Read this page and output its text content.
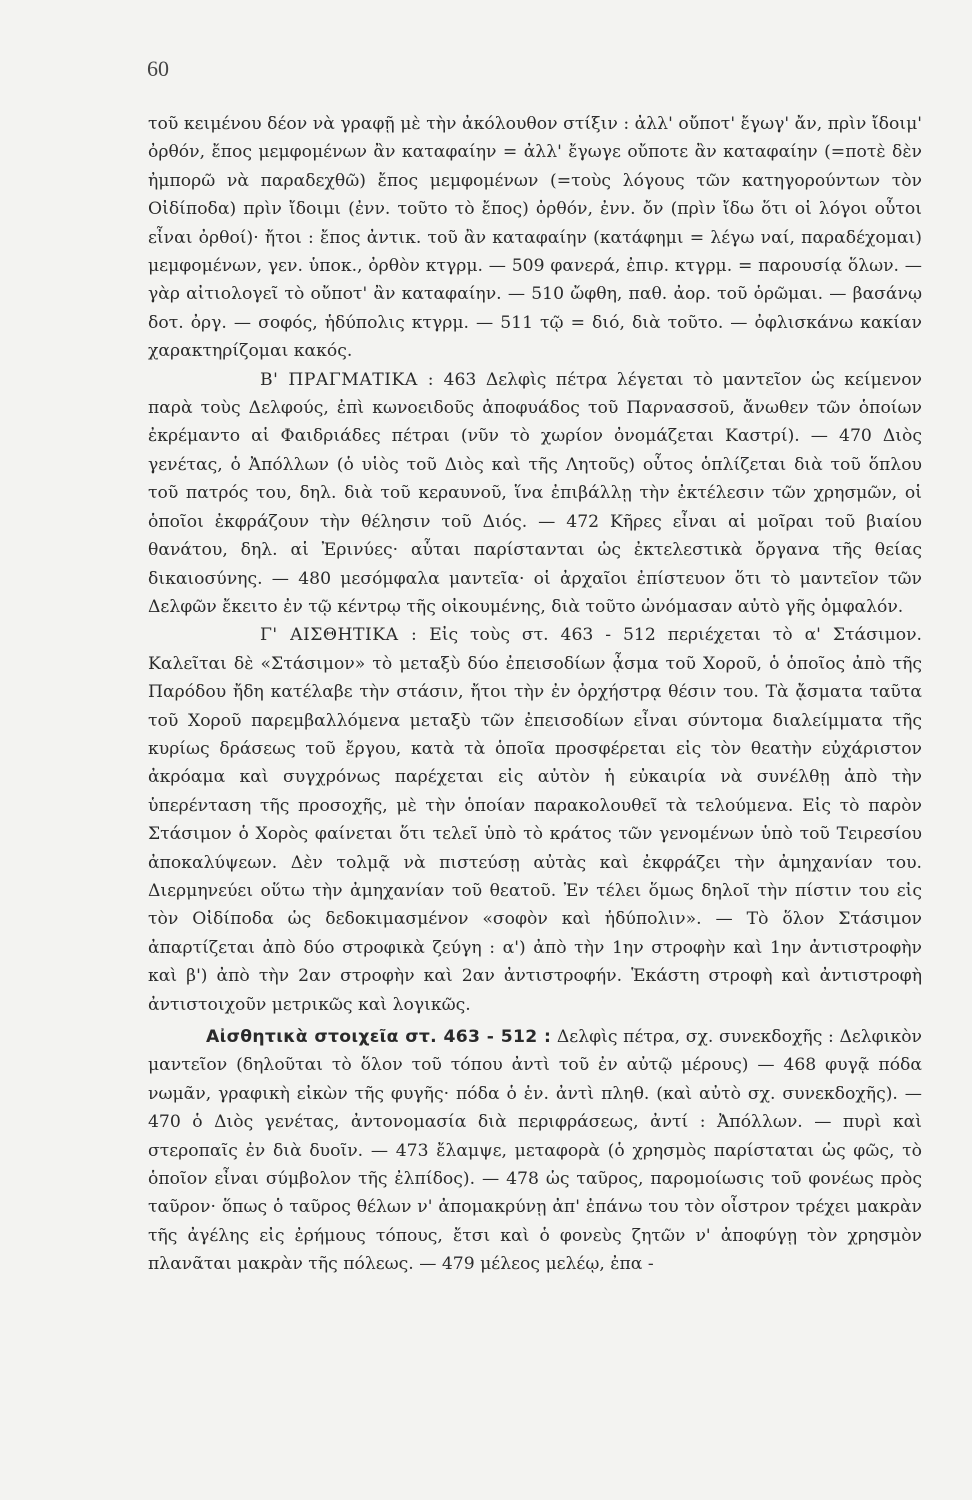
60

τοῦ κειμένου δέον νὰ γραφῇ μὲ τὴν ἀκόλουθον στίξιν : ἀλλ' οὔποτ' ἔγωγ' ἄν, πρὶν ἴδοιμ' ὀρθόν, ἔπος μεμφομένων ἂν καταφαίην = ἀλλ' ἔγωγε οὔποτε ἂν καταφαίην (=ποτὲ δὲν ἠμπορῶ νὰ παραδεχθῶ) ἔπος μεμφομένων (=τοὺς λόγους τῶν κατηγορούντων τὸν Οἰδίποδα) πρὶν ἴδοιμι (ἐνν. τοῦτο τὸ ἔπος) ὀρθόν, ἐνν. ὄν (πρὶν ἴδω ὅτι οἱ λόγοι οὗτοι εἶναι ὀρθοί)· ἤτοι : ἔπος ἀντικ. τοῦ ἂν καταφαίην (κατάφημι = λέγω ναί, παραδέχομαι) μεμφομένων, γεν. ὑποκ., ὀρθὸν κτγρμ. — 509 φανερά, ἐπιρ. κτγρμ. = παρουσίᾳ ὅλων. — γὰρ αἰτιολογεῖ τὸ οὔποτ' ἂν καταφαίην. — 510 ὤφθη, παθ. ἀορ. τοῦ ὁρῶμαι. — βασάνῳ δοτ. ὀργ. — σοφός, ἡδύπολις κτγρμ. — 511 τῷ = διό, διὰ τοῦτο. — ὀφλισκάνω κακίαν χαρακτηρίζομαι κακός.

Β' ΠΡΑΓΜΑΤΙΚΑ : 463 Δελφὶς πέτρα λέγεται τὸ μαντεῖον ὡς κείμενον παρὰ τοὺς Δελφούς, ἐπὶ κωνοειδοῦς ἀποφυάδος τοῦ Παρνασσοῦ, ἄνωθεν τῶν ὁποίων ἐκρέμαντο αἱ Φαιδριάδες πέτραι (νῦν τὸ χωρίον ὀνομάζεται Καστρί). — 470 Διὸς γενέτας, ὁ Ἀπόλλων (ὁ υἱὸς τοῦ Διὸς καὶ τῆς Λητοῦς) οὗτος ὁπλίζεται διὰ τοῦ ὅπλου τοῦ πατρός του, δηλ. διὰ τοῦ κεραυνοῦ, ἵνα ἐπιβάλλῃ τὴν ἐκτέλεσιν τῶν χρησμῶν, οἱ ὁποῖοι ἐκφράζουν τὴν θέλησιν τοῦ Διός. — 472 Κῆρες εἶναι αἱ μοῖραι τοῦ βιαίου θανάτου, δηλ. αἱ Ἐρινύες· αὗται παρίστανται ὡς ἐκτελεστικὰ ὄργανα τῆς θείας δικαιοσύνης. — 480 μεσόμφαλα μαντεῖα· οἱ ἀρχαῖοι ἐπίστευον ὅτι τὸ μαντεῖον τῶν Δελφῶν ἔκειτο ἐν τῷ κέντρῳ τῆς οἰκουμένης, διὰ τοῦτο ὠνόμασαν αὐτὸ γῆς ὀμφαλόν.

Γ' ΑΙΣΘΗΤΙΚΑ : Εἰς τοὺς στ. 463 - 512 περιέχεται τὸ α' Στάσιμον. Καλεῖται δὲ «Στάσιμον» τὸ μεταξὺ δύο ἐπεισοδίων ᾆσμα τοῦ Χοροῦ, ὁ ὁποῖος ἀπὸ τῆς Παρόδου ἤδη κατέλαβε τὴν στάσιν, ἤτοι τὴν ἐν ὀρχήστρᾳ θέσιν του. Τὰ ᾄσματα ταῦτα τοῦ Χοροῦ παρεμβαλλόμενα μεταξὺ τῶν ἐπεισοδίων εἶναι σύντομα διαλείμματα τῆς κυρίως δράσεως τοῦ ἔργου, κατὰ τὰ ὁποῖα προσφέρεται εἰς τὸν θεατὴν εὐχάριστον ἀκρόαμα καὶ συγχρόνως παρέχεται εἰς αὐτὸν ἡ εὐκαιρία νὰ συνέλθῃ ἀπὸ τὴν ὑπερένταση τῆς προσοχῆς, μὲ τὴν ὁποίαν παρακολουθεῖ τὰ τελούμενα. Εἰς τὸ παρὸν Στάσιμον ὁ Χορὸς φαίνεται ὅτι τελεῖ ὑπὸ τὸ κράτος τῶν γενομένων ὑπὸ τοῦ Τειρεσίου ἀποκαλύψεων. Δὲν τολμᾷ νὰ πιστεύσῃ αὐτὰς καὶ ἐκφράζει τὴν ἀμηχανίαν του. Διερμηνεύει οὕτω τὴν ἀμηχανίαν τοῦ θεατοῦ. Ἐν τέλει ὅμως δηλοῖ τὴν πίστιν του εἰς τὸν Οἰδίποδα ὡς δεδοκιμασμένον «σοφὸν καὶ ἡδύπολιν». — Τὸ ὅλον Στάσιμον ἀπαρτίζεται ἀπὸ δύο στροφικὰ ζεύγη : α') ἀπὸ τὴν 1ην στροφὴν καὶ 1ην ἀντιστροφὴν καὶ β') ἀπὸ τὴν 2αν στροφὴν καὶ 2αν ἀντιστροφήν. Ἑκάστη στροφὴ καὶ ἀντιστροφὴ ἀντιστοιχοῦν μετρικῶς καὶ λογικῶς.

Αἰσθητικὰ στοιχεῖα στ. 463 - 512 : Δελφὶς πέτρα, σχ. συνεκδοχῆς : Δελφικὸν μαντεῖον (δηλοῦται τὸ ὅλον τοῦ τόπου ἀντὶ τοῦ ἐν αὐτῷ μέρους) — 468 φυγᾷ πόδα νωμᾶν, γραφικὴ εἰκὼν τῆς φυγῆς· πόδα ὁ ἑν. ἀντὶ πληθ. (καὶ αὐτὸ σχ. συνεκδοχῆς). — 470 ὁ Διὸς γενέτας, ἀντονομασία διὰ περιφράσεως, ἀντί : Ἀπόλλων. — πυρὶ καὶ στεροπαῖς ἐν διὰ δυοῖν. — 473 ἔλαμψε, μεταφορὰ (ὁ χρησμὸς παρίσταται ὡς φῶς, τὸ ὁποῖον εἶναι σύμβολον τῆς ἐλπίδος). — 478 ὡς ταῦρος, παρομοίωσις τοῦ φονέως πρὸς ταῦρον· ὅπως ὁ ταῦρος θέλων ν' ἀπομακρύνῃ ἀπ' ἐπάνω του τὸν οἶστρον τρέχει μακρὰν τῆς ἀγέλης εἰς ἐρήμους τόπους, ἔτσι καὶ ὁ φονεὺς ζητῶν ν' ἀποφύγῃ τὸν χρησμὸν πλανᾶται μακρὰν τῆς πόλεως. — 479 μέλεος μελέῳ, ἐπα -
